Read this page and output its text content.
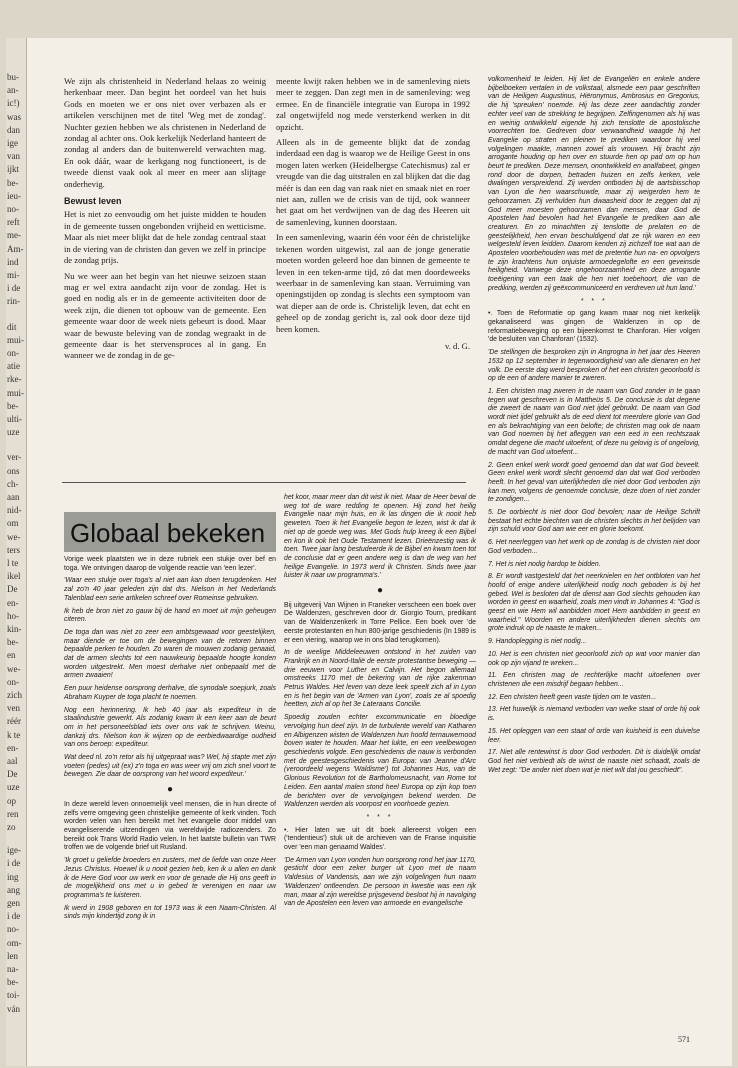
bu-
an-
ic!)
was
dan
ige
van
ijkt
be-
ieu-
no-
reft
me-
Am-
ind
mi-
i de
rin-
dit
mui-
on-
atie
rke-
mui-
be-
ulti-
uze
ver-
ons
ch-
aan
nid-
om
we-
ters
l te
ikel
De
en-
ho-
kin-
be-
en
we-
on-
zich
ven
réér
k te
en-
aal
De
uze
op
ren
zo
ige-
i de
ing
ang
gen
i de
no-
om-
len
na-
be-
toi-
ván

We zijn als christenheid in Nederland helaas zo weinig herkenbaar meer. Dan begint het oordeel van het huis Gods en moeten we er ons niet over verbazen als er artikelen verschijnen met de titel 'Weg met de zondag'. Nuchter gezien hebben we als christenen in Nederland de zondag al achter ons. Ook kerkelijk Nederland hanteert de zondag al anders dan de buitenwereld verwachten mag. En ook dáár, waar de kerkgang nog functioneert, is de tweede dienst vaak ook al meer en meer aan slijtage onderhevig.

Bewust leven

Het is niet zo eenvoudig om het juiste midden te houden in de gemeente tussen ongebonden vrijheid en wetticisme. Maar als niet meer blijkt dat de hele zondag centraal staat in de viering van de christen dan geven we zelf in principe de zondag prijs.

Nu we weer aan het begin van het nieuwe seizoen staan mag er wel extra aandacht zijn voor de zondag. Het is goed en nodig als er in de gemeente activiteiten door de week zijn, die dienen tot opbouw van de gemeente. Een gemeente waar door de week niets gebeurt is dood. Maar waar de bewuste beleving van de zondag wegraakt in de gemeente daar is het stervensproces al in gang. En wanneer we de zondag in de ge-

meente kwijt raken hebben we in de samenleving niets meer te zeggen. Dan zegt men in de samenleving: weg ermee. En de financiële integratie van Europa in 1992 zal ongetwijfeld nog mede versterkend werken in dit opzicht.

Alleen als in de gemeente blijkt dat de zondag inderdaad een dag is waarop we de Heilige Geest in ons mogen laten werken (Heidelbergse Catechismus) zal er vreugde van die dag uitstralen en zal blijken dat die dag méér is dan een dag van raak niet en smaak niet en roer niet aan, zullen we de crisis van de tijd, ook wanneer het gaat om het verdwijnen van de dag des Heeren uit de samenleving, kunnen doorstaan.

In een samenleving, waarin één voor één de christelijke tekenen worden uitgewist, zal aan de jonge generatie moeten worden geleerd hoe dan binnen de gemeente te leven in een teken-arme tijd, zó dat men doordeweeks weerbaar in de samenleving kan staan. Verruiming van openingstijden op zondag is slechts een symptoom van wat dieper aan de orde is. Christelijk leven, dat echt en geheel op de zondag gericht is, zal ook door deze tijd heen komen.

v. d. G.

volkomenheid te leiden. Hij liet de Evangeliën en enkele andere bijbelboeken vertalen in de volkstaal, alsmede een paar geschriften van de Heiligen Augustinus, Hiëronymus, Ambrosius en Gregorius, die hij 'spreuken' noemde. Hij las deze zeer aandachtig zonder echter veel van de strekking te begrijpen. Zelfingenomen als hij was en weinig ontwikkeld eigende hij zich tenslotte de apostolische voorrechten toe. Gedreven door verwaandheid waagde hij het Evangelie op straten en pleinen te prediken waardoor hij veel volgelingen maakte, mannen zowel als vrouwen. Hij bracht zijn arrogante houding op hen over en stuurde hen op pad om op hun beurt te prediken. Deze mensen, onontwikkeld en analfabeet, gingen rond door de dorpen, betraden huizen en zelfs kerken, vele dwalingen verspreidend. Zij werden ontboden bij de aartsbisschop van Lyon die hen waarschuwde, maar zij weigerden hem te gehoorzamen. Zij verhulden hun dwaasheid door te zeggen dat zij God meer moesten gehoorzamen dan mensen, daar God de Apostelen had bevolen had het Evangelie te prediken aan alle creaturen. En zo minachtten zij tenslotte de prelaten en de geestelijkheid, hen ervan beschuldigend dat ze rijk waren en een welgesteld leven leidden. Daarom kenden zij zichzelf toe wat aan de Apostelen voorbehouden was met de pretentie hun na- en opvolgers te zijn krachtens hun onjuiste armoedegelofte en een geveinsde heiligheid. Vanwege deze ongehoorzaamheid en deze arrogante toeëigening van een taak die hen niet toebehoort, die van de prediking, werden zij geëxcommuniceerd en verdreven uit hun land.'

* * *

•. Toen de Reformatie op gang kwam maar nog niet kerkelijk gekanaliseerd was gingen de Waldenzen in op de reformatiebeweging op een bijeenkomst te Chanforan. Hier volgen 'de besluiten van Chanforan' (1532).

'De stellingen die besproken zijn in Angrogna in het jaar des Heeren 1532 op 12 september in tegenwoordigheid van alle dienaren en het volk. De eerste dag werd besproken of het een christen geoorloofd is op de een of andere manier te zweren.

1. Een christen mag zweren in de naam van God zonder in te gaan tegen wat geschreven is in Mattheüs 5. De conclusie is dat degene die zweert de naam van God niet ijdel gebruikt. De naam van God wordt niet ijdel gebruikt als de eed dient tot meerdere glorie van God en als bekrachtiging van een belofte; de christen mag ook de naam van God noemen bij het afleggen van een eed in een rechtszaak omdat degene die macht uitoefent, of deze nu gelovig is of ongelovig, de macht van God uitoefent...

2. Geen enkel werk wordt goed genoemd dan dat wat God beveelt. Geen enkel werk wordt slecht genoemd dan dat wat God verboden heeft. In het geval van uiterlijkheden die niet door God verboden zijn kan men, volgens de genoemde conclusie, deze doen of niet zonder te zondigen...

5. De oorbiecht is niet door God bevolen; naar de Heilige Schrift bestaat het echte biechten van de christen slechts in het belijden van zijn schuld voor God aan wie eer en glorie toekomt.

6. Het neerleggen van het werk op de zondag is de christen niet door God verboden...

7. Het is niet nodig hardop te bidden.

8. Er wordt vastgesteld dat het neerknielen en het ontbloten van het hoofd of enige andere uiterlijkheid nodig noch geboden is bij het gebed. Wel is besloten dat de dienst aan God slechts gehouden kan worden in geest en waarheid, zoals men vindt in Johannes 4: "God is geest en wie Hem wil aanbidden moet Hem aanbidden in geest en waarheid." Woorden en andere uiterlijkheden dienen slechts om grote indruk op de naaste te maken...

9. Handoplegging is niet nodig...

10. Het is een christen niet geoorloofd zich op wat voor manier dan ook op zijn vijand te wreken...

11. Een christen mag de rechterlijke macht uitoefenen over christenen die een misdrijf begaan hebben...

12. Een christen heeft geen vaste tijden om te vasten...

13. Het huwelijk is niemand verboden van welke staat of orde hij ook is.

15. Het opleggen van een staat of orde van kuisheid is een duivelse leer.

17. Niet alle rentewinst is door God verboden. Dit is duidelijk omdat God het niet verbiedt als de winst de naaste niet schaadt, zoals de Wet zegt: "De ander niet doen wat je niet wilt dat jou geschiedt".

Globaal bekeken

Vorige week plaatsten we in deze rubriek een stukje over bef en toga. We ontvingen daarop de volgende reactie van 'een lezer'.

'Waar een stukje over toga's al niet aan kan doen terugdenken. Het zal zo'n 40 jaar geleden zijn dat drs. Nielson in het Nederlands Talenblad een serie artikelen schreef over Romeinse gebruiken.

Ik heb de bron niet zo gauw bij de hand en moet uit mijn geheugen citeren.

De toga dan was niet zo zeer een ambtsgewaad voor geestelijken, maar diende er toe om de bewegingen van de retoren binnen bepaalde perken te houden. Zo waren de mouwen zodanig genaaid, dat de armen slechts tot een nauwkeurig bepaalde hoogte konden worden uitgestrekt. Men moest derhalve niet onbepaald met de armen zwaaien!

Een puur heidense oorsprong derhalve, die synodale soepjurk, zoals Abraham Kuyper de toga placht te noemen.

Nog een herinnering. Ik heb 40 jaar als expediteur in de staalindustrie gewerkt. Als zodanig kwam ik een keer aan de beurt om in het personeelsblad iets over ons vak te schrijven. Weinu, dankzij drs. Nielson kon ik wijzen op de eerbiedwaardige oudheid van ons beroep: expediteur.

Wat deed nl. zo'n retor als hij uitgepraat was? Wel, hij stapte met zijn voeten (pedes) uit (ex) z'n toga en was weer vrij om zich snel voort te bewegen. Zie daar de oorsprong van het woord expediteur.'

●

In deze wereld leven onnoemelijk veel mensen, die in hun directe of zelfs verre omgeving geen christelijke gemeente of kerk vinden. Toch worden velen van hen bereikt met het evangelie door middel van evangeliserende uitzendingen via wereldwijde radiozenders. Zo bereikt ook Trans World Radio velen. In het laatste bulletin van TWR troffen we de volgende brief uit Rusland.

'Ik groet u geliefde broeders en zusters, met de liefde van onze Heer Jezus Christus. Hoewel ik u nooit gezien heb, ken ik u allen en dank ik de Here God voor uw werk en voor de genade die Hij ons geeft in de mogelijkheid ons met u in gebed te verenigen en naar uw programma's te luisteren.

Ik werd in 1908 geboren en tot 1973 was ik een Naam-Christen. Al sinds mijn kindertijd zong ik in

het koor, maar meer dan dit wist ik niet. Maar de Heer beval de weg tot de ware redding te openen. Hij zond het heilig Evangelie naar mijn huis, en ik las dingen die ik nooit heb geweten. Toen ik het Evangelie begon te lezen, wist ik dat ik niet op de goede weg was. Met Gods hulp kreeg ik een Bijbel en kon ik ook het Oude Testament lezen. Drieënzestig was ik toen. Twee jaar lang bestudeerde ik de Bijbel en kwam toen tot de conclusie dat er geen andere weg is dan de weg van het heilige Evangelie. In 1973 werd ik Christen. Sinds twee jaar luister ik naar uw programma's.'

●

Bij uitgeverij Van Wijnen in Franeker verscheen een boek over De Waldenzen, geschreven door dr. Giorgio Tourn, predikant van de Waldenzenkerk in Torre Pellice. Een boek over 'de eerste protestanten en hun 800-jarige geschiedenis (In 1989 is er een viering, waarop we in ons blad terugkomen).

In de weelige Middeleeuwen ontstond in het zuiden van Frankrijk en in Noord-Italië de eerste protestantse beweging — drie eeuwen voor Luther en Calvijn. Het begon allemaal omstreeks 1170 met de bekering van de rijke zakenman Petrus Waldes. Het leven van deze leek speelt zich af in Lyon en is het begin van de 'Armen van Lyon', zoals ze al spoedig heetten, zich al op het 3e Lateraans Concilie.

Spoedig zouden echter excommunicatie en bloedige vervolging hun deel zijn. In de turbulente wereld van Katharen en Albigenzen wisten de Waldenzen hun hoofd ternauwernood boven water te houden. Maar het lukte, en een veelbewogen geschiedenis volgde. Een geschiedenis die nauw is verbonden met de geestesgeschiedenis van Europa: van Jeanne d'Arc (veroordeeld wegens 'Waldisme') tot Johannes Hus, van de Glorious Revolution tot de Bartholomeusnacht, van Rome tot Leiden. Een aantal malen stond heel Europa op zijn kop toen de berichten over de vervolgingen bekend werden. De Waldenzen werden als voorpost en voorhoede gezien.

* * *

•. Hier laten we uit dit boek allereerst volgen een ('tendentieus') stuk uit de archieven van de Franse inquisitie over 'een man genaamd Waldes'.

'De Armen van Lyon vonden hun oorsprong rond het jaar 1170, gesticht door een zeker burger uit Lyon met de naam Valdesius of Vandensis, aan wie zijn volgelingen hun naam 'Waldenzen' ontleenden. De persoon in kwestie was een rijk man, maar al zijn wereldse prijsgevend besloot hij in navolging van de Apostelen een leven van armoede en evangelische

571
